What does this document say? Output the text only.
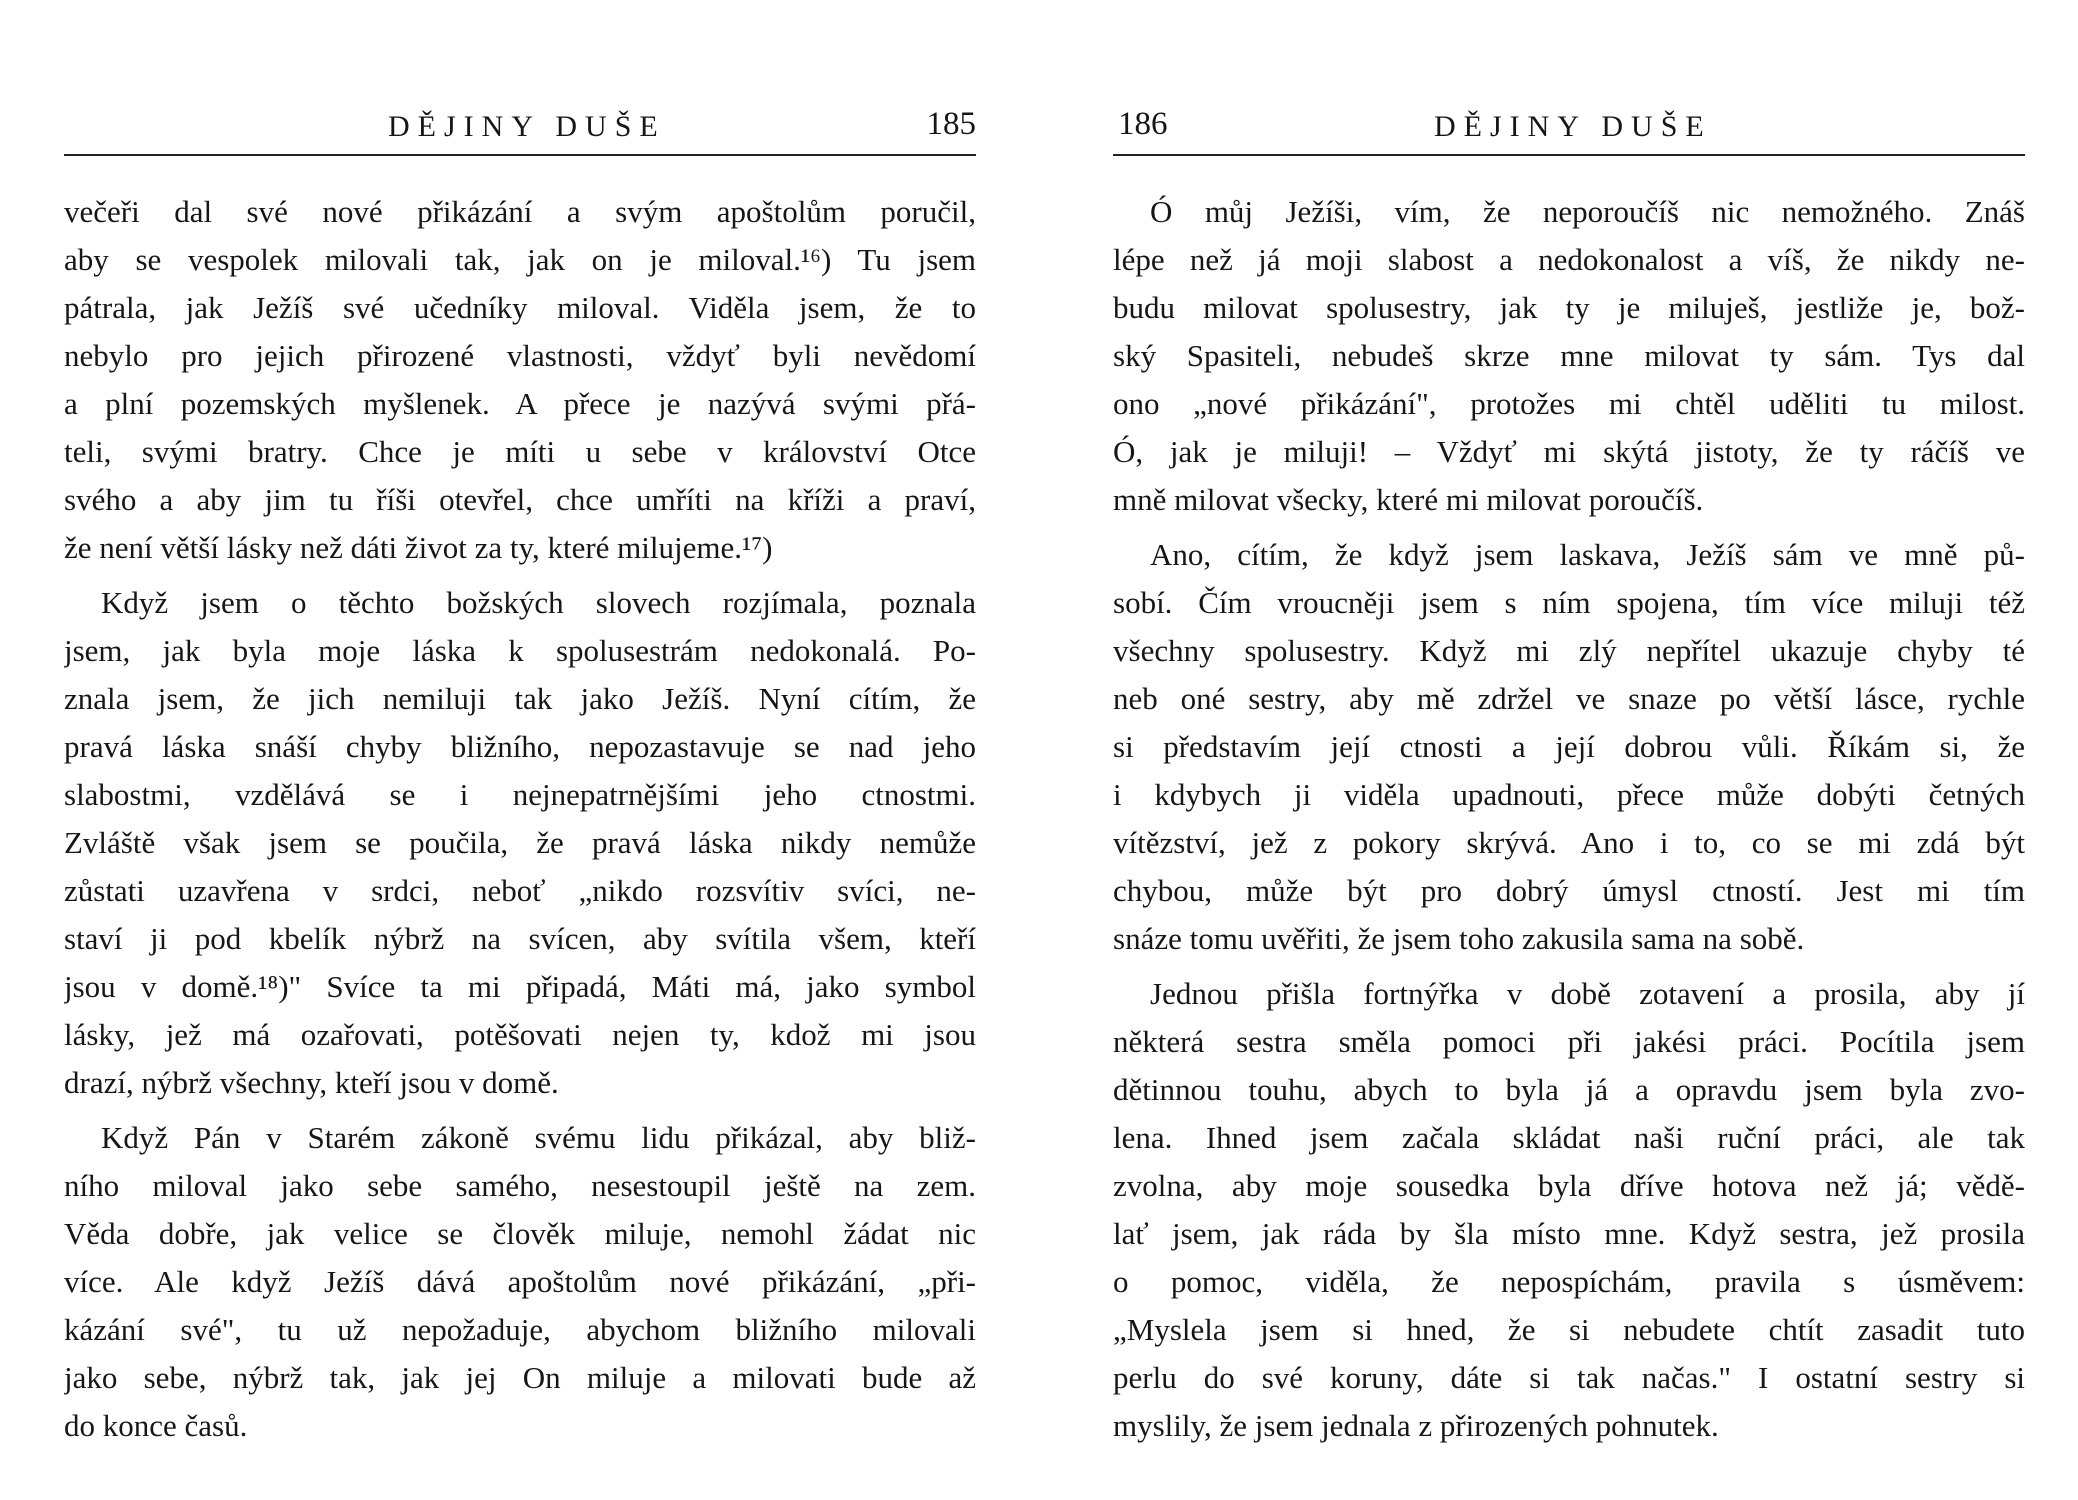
DĚJINY DUŠE	185
večeři dal své nové přikázání a svým apoštolům poručil,
aby se vespolek milovali tak, jak on je miloval.¹⁶) Tu jsem
pátrala, jak Ježíš své učedníky miloval. Viděla jsem, že to
nebylo pro jejich přirozené vlastnosti, vždyť byli nevědomí
a plní pozemských myšlenek. A přece je nazývá svými přá-
teli, svými bratry. Chce je míti u sebe v království Otce
svého a aby jim tu říši otevřel, chce umříti na kříži a praví,
že není větší lásky než dáti život za ty, které milujeme.¹⁷)
Když jsem o těchto božských slovech rozjímala, poznala
jsem, jak byla moje láska k spolusestrám nedokonalá. Po-
znala jsem, že jich nemiluji tak jako Ježíš. Nyní cítím, že
pravá láska snáší chyby bližního, nepozastavuje se nad jeho
slabostmi, vzdělává se i nejnepatrnějšími jeho ctnostmi.
Zvláště však jsem se poučila, že pravá láska nikdy nemůže
zůstati uzavřena v srdci, neboť „nikdo rozsvítiv svíci, ne-
staví ji pod kbelík nýbrž na svícen, aby svítila všem, kteří
jsou v domě.¹⁸)" Svíce ta mi připadá, Máti má, jako symbol
lásky, jež má ozařovati, potěšovati nejen ty, kdož mi jsou
drazí, nýbrž všechny, kteří jsou v domě.
Když Pán v Starém zákoně svému lidu přikázal, aby bliž-
ního miloval jako sebe samého, nesestoupil ještě na zem.
Věda dobře, jak velice se člověk miluje, nemohl žádat nic
více. Ale když Ježíš dává apoštolům nové přikázání, „při-
kázání své", tu už nepožaduje, abychom bližního milovali
jako sebe, nýbrž tak, jak jej On miluje a milovati bude až
do konce časů.
186	DĚJINY DUŠE
Ó můj Ježíši, vím, že neporoučíš nic nemožného. Znáš
lépe než já moji slabost a nedokonalost a víš, že nikdy ne-
budu milovat spolusestry, jak ty je miluješ, jestliže je, bož-
ský Spasiteli, nebudeš skrze mne milovat ty sám. Tys dal
ono „nové přikázání", protožes mi chtěl uděliti tu milost.
Ó, jak je miluji! – Vždyť mi skýtá jistoty, že ty ráčíš ve
mně milovat všecky, které mi milovat poroučíš.
Ano, cítím, že když jsem laskava, Ježíš sám ve mně pů-
sobí. Čím vroucněji jsem s ním spojena, tím více miluji též
všechny spolusestry. Když mi zlý nepřítel ukazuje chyby té
neb oné sestry, aby mě zdržel ve snaze po větší lásce, rychle
si představím její ctnosti a její dobrou vůli. Říkám si, že
i kdybych ji viděla upadnouti, přece může dobýti četných
vítězství, jež z pokory skrývá. Ano i to, co se mi zdá být
chybou, může být pro dobrý úmysl ctností. Jest mi tím
snáze tomu uvěřiti, že jsem toho zakusila sama na sobě.
Jednou přišla fortnýřka v době zotavení a prosila, aby jí
některá sestra směla pomoci při jakési práci. Pocítila jsem
dětinnou touhu, abych to byla já a opravdu jsem byla zvo-
lena. Ihned jsem začala skládat naši ruční práci, ale tak
zvolna, aby moje sousedka byla dříve hotova než já; vědě-
lať jsem, jak ráda by šla místo mne. Když sestra, jež prosila
o pomoc, viděla, že nepospíchám, pravila s úsměvem:
„Myslela jsem si hned, že si nebudete chtít zasadit tuto
perlu do své koruny, dáte si tak načas." I ostatní sestry si
myslily, že jsem jednala z přirozených pohnutek.
